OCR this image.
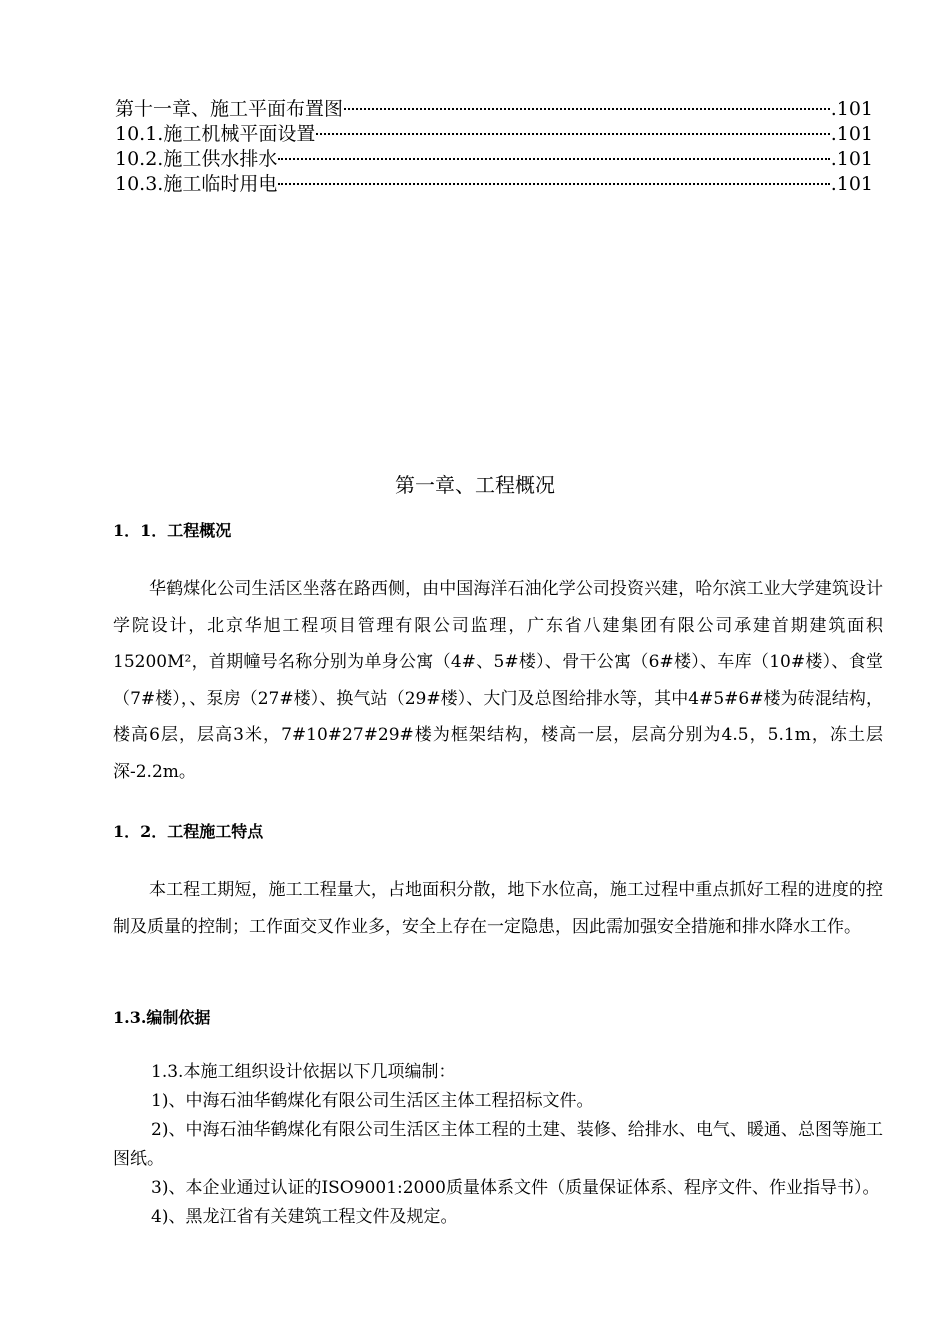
第十一章、施工平面布置图	.101
10.1.施工机械平面设置	.101
10.2.施工供水排水	.101
10.3.施工临时用电	.101
第一章、工程概况
1．1．工程概况
华鹤煤化公司生活区坐落在路西侧，由中国海洋石油化学公司投资兴建，哈尔滨工业大学建筑设计学院设计，北京华旭工程项目管理有限公司监理，广东省八建集团有限公司承建首期建筑面积15200M²，首期幢号名称分别为单身公寓（4#、5#楼）、骨干公寓（6#楼）、车库（10#楼）、食堂（7#楼），、泵房（27#楼）、换气站（29#楼）、大门及总图给排水等，其中4#5#6#楼为砖混结构，楼高6层，层高3米，7#10#27#29#楼为框架结构，楼高一层，层高分别为4.5，5.1m，冻土层深-2.2m。
1．2．工程施工特点
本工程工期短，施工工程量大，占地面积分散，地下水位高，施工过程中重点抓好工程的进度的控制及质量的控制；工作面交叉作业多，安全上存在一定隐患，因此需加强安全措施和排水降水工作。
1.3.编制依据
1.3.本施工组织设计依据以下几项编制：
1)、中海石油华鹤煤化有限公司生活区主体工程招标文件。
2)、中海石油华鹤煤化有限公司生活区主体工程的土建、装修、给排水、电气、暖通、总图等施工图纸。
3)、本企业通过认证的ISO9001:2000质量体系文件（质量保证体系、程序文件、作业指导书）。
4)、黑龙江省有关建筑工程文件及规定。
